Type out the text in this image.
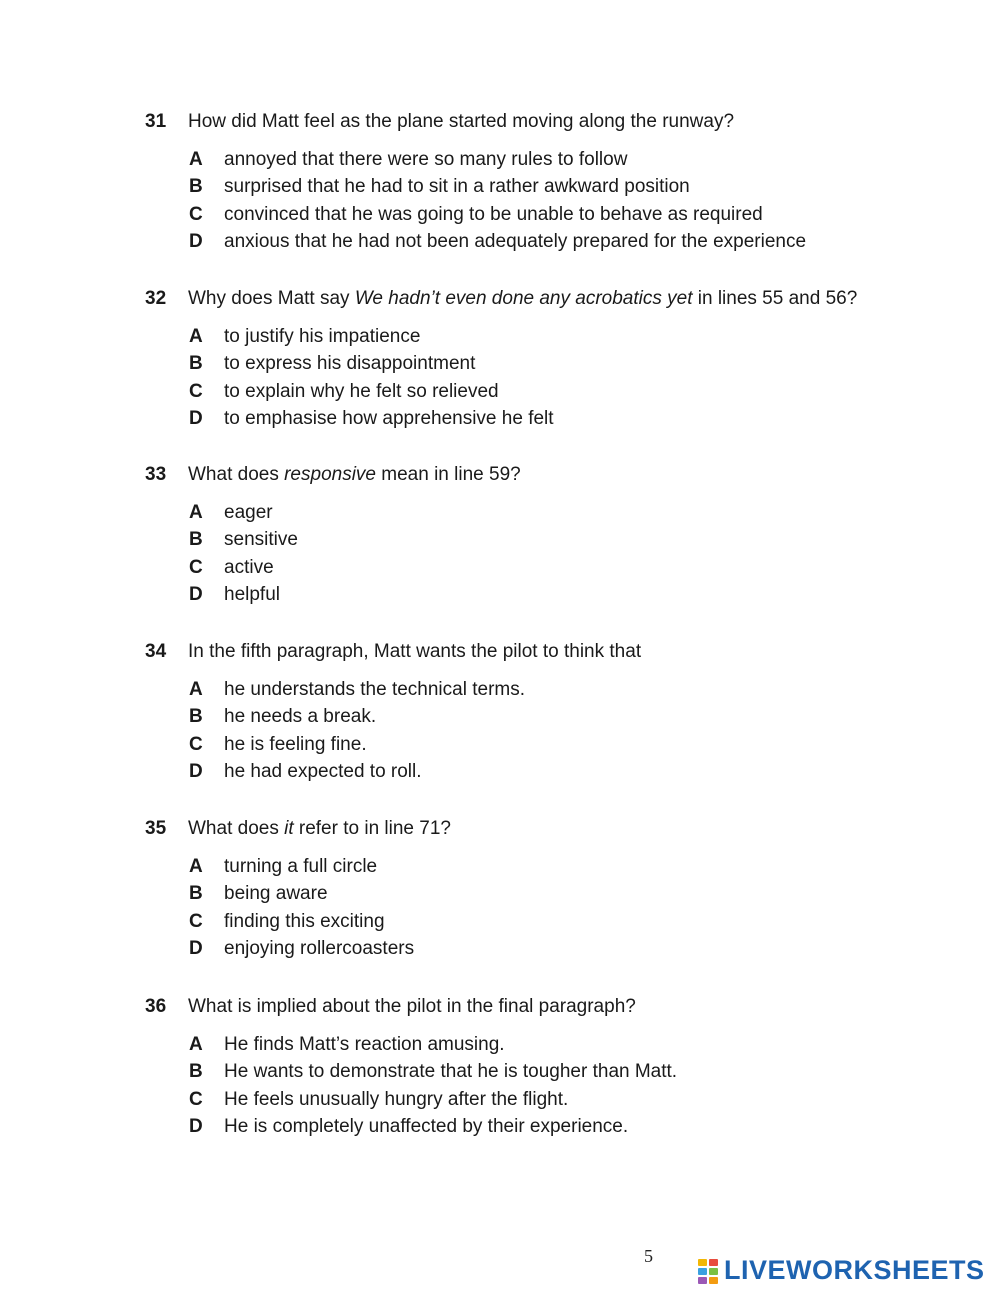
31 How did Matt feel as the plane started moving along the runway?
A annoyed that there were so many rules to follow
B surprised that he had to sit in a rather awkward position
C convinced that he was going to be unable to behave as required
D anxious that he had not been adequately prepared for the experience
32 Why does Matt say We hadn’t even done any acrobatics yet in lines 55 and 56?
A to justify his impatience
B to express his disappointment
C to explain why he felt so relieved
D to emphasise how apprehensive he felt
33 What does responsive mean in line 59?
A eager
B sensitive
C active
D helpful
34 In the fifth paragraph, Matt wants the pilot to think that
A he understands the technical terms.
B he needs a break.
C he is feeling fine.
D he had expected to roll.
35 What does it refer to in line 71?
A turning a full circle
B being aware
C finding this exciting
D enjoying rollercoasters
36 What is implied about the pilot in the final paragraph?
A He finds Matt’s reaction amusing.
B He wants to demonstrate that he is tougher than Matt.
C He feels unusually hungry after the flight.
D He is completely unaffected by their experience.
5	LIVEWORKSHEETS
